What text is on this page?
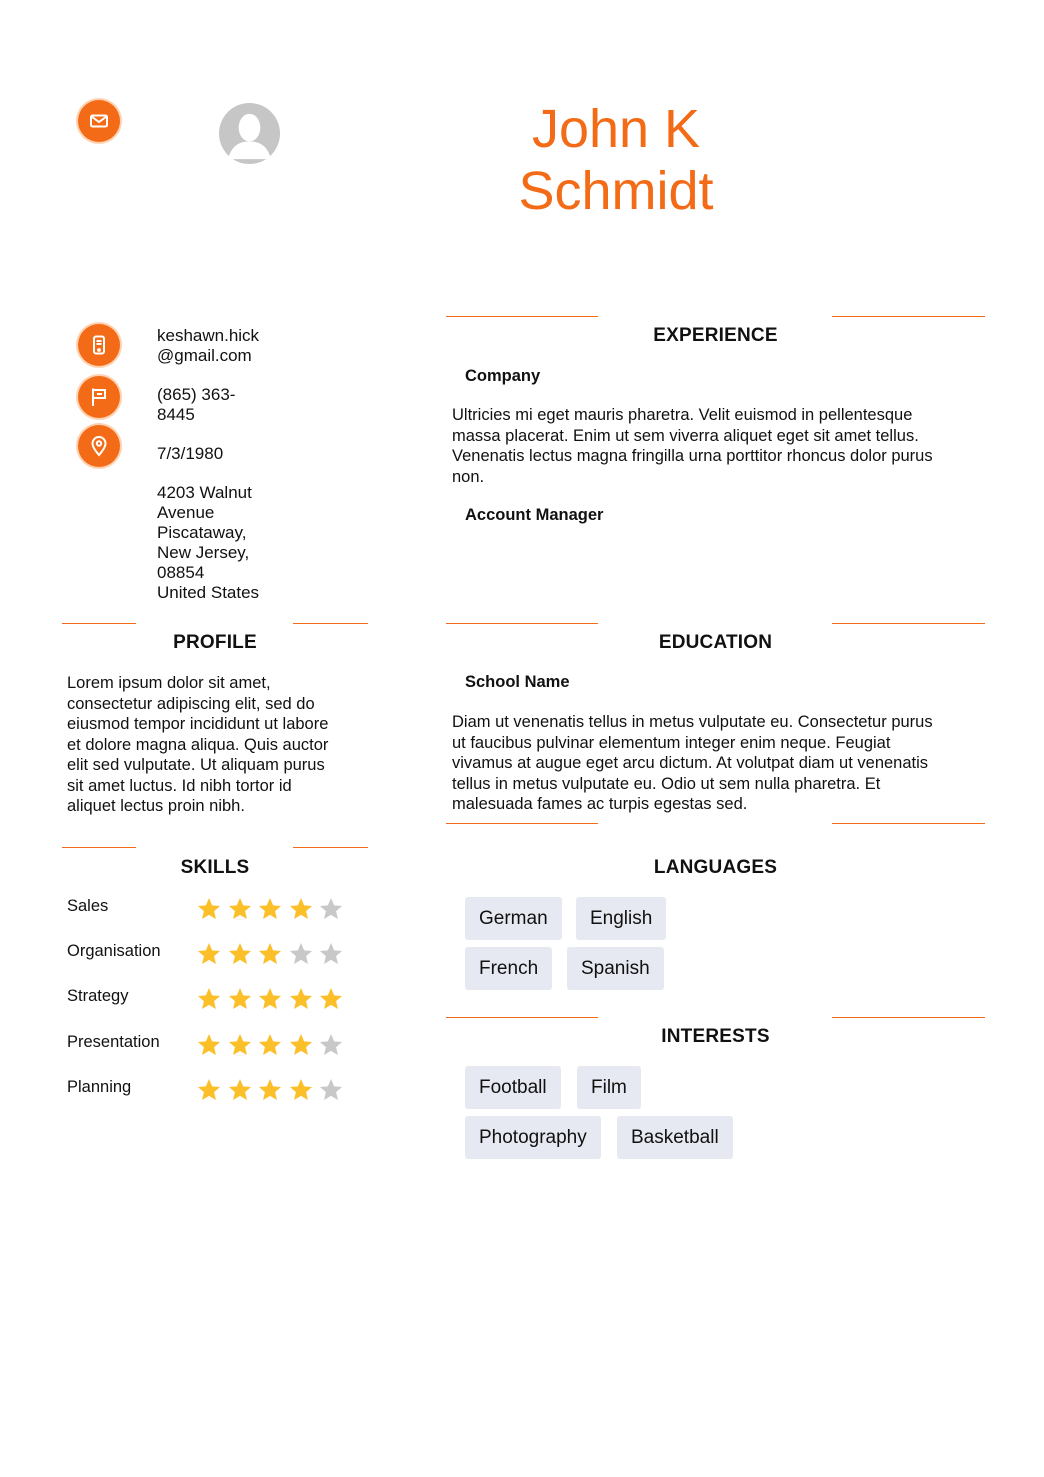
John K
Schmidt
keshawn.hick
@gmail.com
(865) 363-
8445
7/3/1980
4203 Walnut
Avenue
Piscataway,
New Jersey,
08854
United States
PROFILE
Lorem ipsum dolor sit amet,
consectetur adipiscing elit, sed do
eiusmod tempor incididunt ut labore
et dolore magna aliqua. Quis auctor
elit sed vulputate. Ut aliquam purus
sit amet luctus. Id nibh tortor id
aliquet lectus proin nibh.
SKILLS
Sales
Organisation
Strategy
Presentation
Planning
EXPERIENCE
Company
Ultricies mi eget mauris pharetra. Velit euismod in pellentesque
massa placerat. Enim ut sem viverra aliquet eget sit amet tellus.
Venenatis lectus magna fringilla urna porttitor rhoncus dolor purus
non.
Account Manager
EDUCATION
School Name
Diam ut venenatis tellus in metus vulputate eu. Consectetur purus
ut faucibus pulvinar elementum integer enim neque. Feugiat
vivamus at augue eget arcu dictum. At volutpat diam ut venenatis
tellus in metus vulputate eu. Odio ut sem nulla pharetra. Et
malesuada fames ac turpis egestas sed.
LANGUAGES
German	English
French	Spanish
INTERESTS
Football	Film
Photography	Basketball
